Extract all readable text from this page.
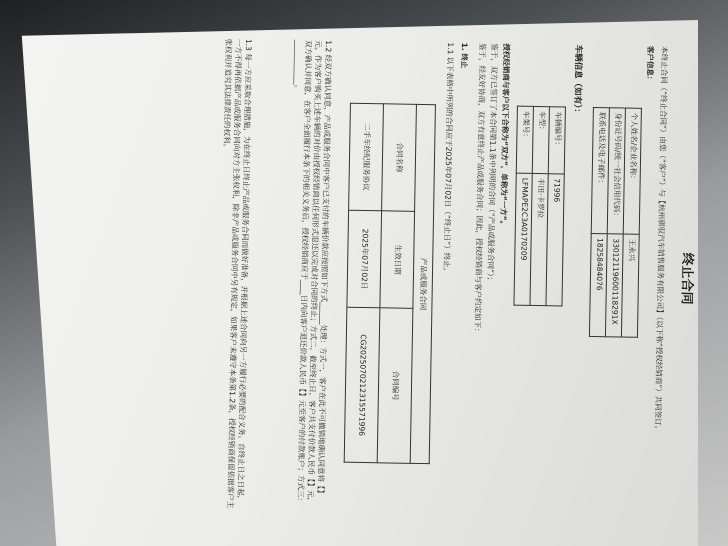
终止合同
本终止合同（“终止合同”）由您（“客户”）与【杭州骐驭汽车销售服务有限公司】（以下称“授权经销商”）共同签订。
客户信息：
个人姓名/企业名称：	王永兴
身份证号码/统一社会信用代码：	33012119600118291X
联系电话及电子邮件：	18258484076
车辆信息（如有）：
车辆编号：	71996
车型：	丰田·卡罗拉
车架号：	LFMAPE2C3A0170209
授权经销商与客户以下合称为“双方”，单称为“一方”。
鉴于，双方已签订了本合同第1.1条中列明的合同（“产品或服务合同”）；
鉴于，经友好协商，双方有意终止产品或服务合同；因此，授权经销商与客户约定如下：
1. 终止
1.1 以下表格中所列的合同应于2025年07月02日（“终止日”）终止。
产品或服务合同		
合同名称	生效日期	合同编号
二手车经纪服务协议	2025年07月02日	CG2025070212315571996
1.2 经双方确认同意，产品或服务合同中客户已支付的车辆价款应按照如下方式______处理：方式一，客户在此不可撤销地确认同意将【】元，作为客户购买上述车辆的对价由授权经销商以任何形式退还以完成对合同的终止；方式二，截至终止日，客户共支付价款人民币【】元，双方确认并同意，在客户全面履行本条下的相关义务后，授权经销商应于____日内向客户退还价款人民币【】元至客户的付款账户；方式三：____________。
1.3 每一方应采取合理措施，为在终止日终止产品或服务合同而做好准备，并根据上述合同向另一方履行必要的配合义务。自终止日之日起，一方不得再依据产品或服务合同向对方主张权利，除非产品或服务合同中另有规定，如果客户未遵守本条第1.2条，授权经销商保留依据客户主张权利并追究其法律责任的权利。
